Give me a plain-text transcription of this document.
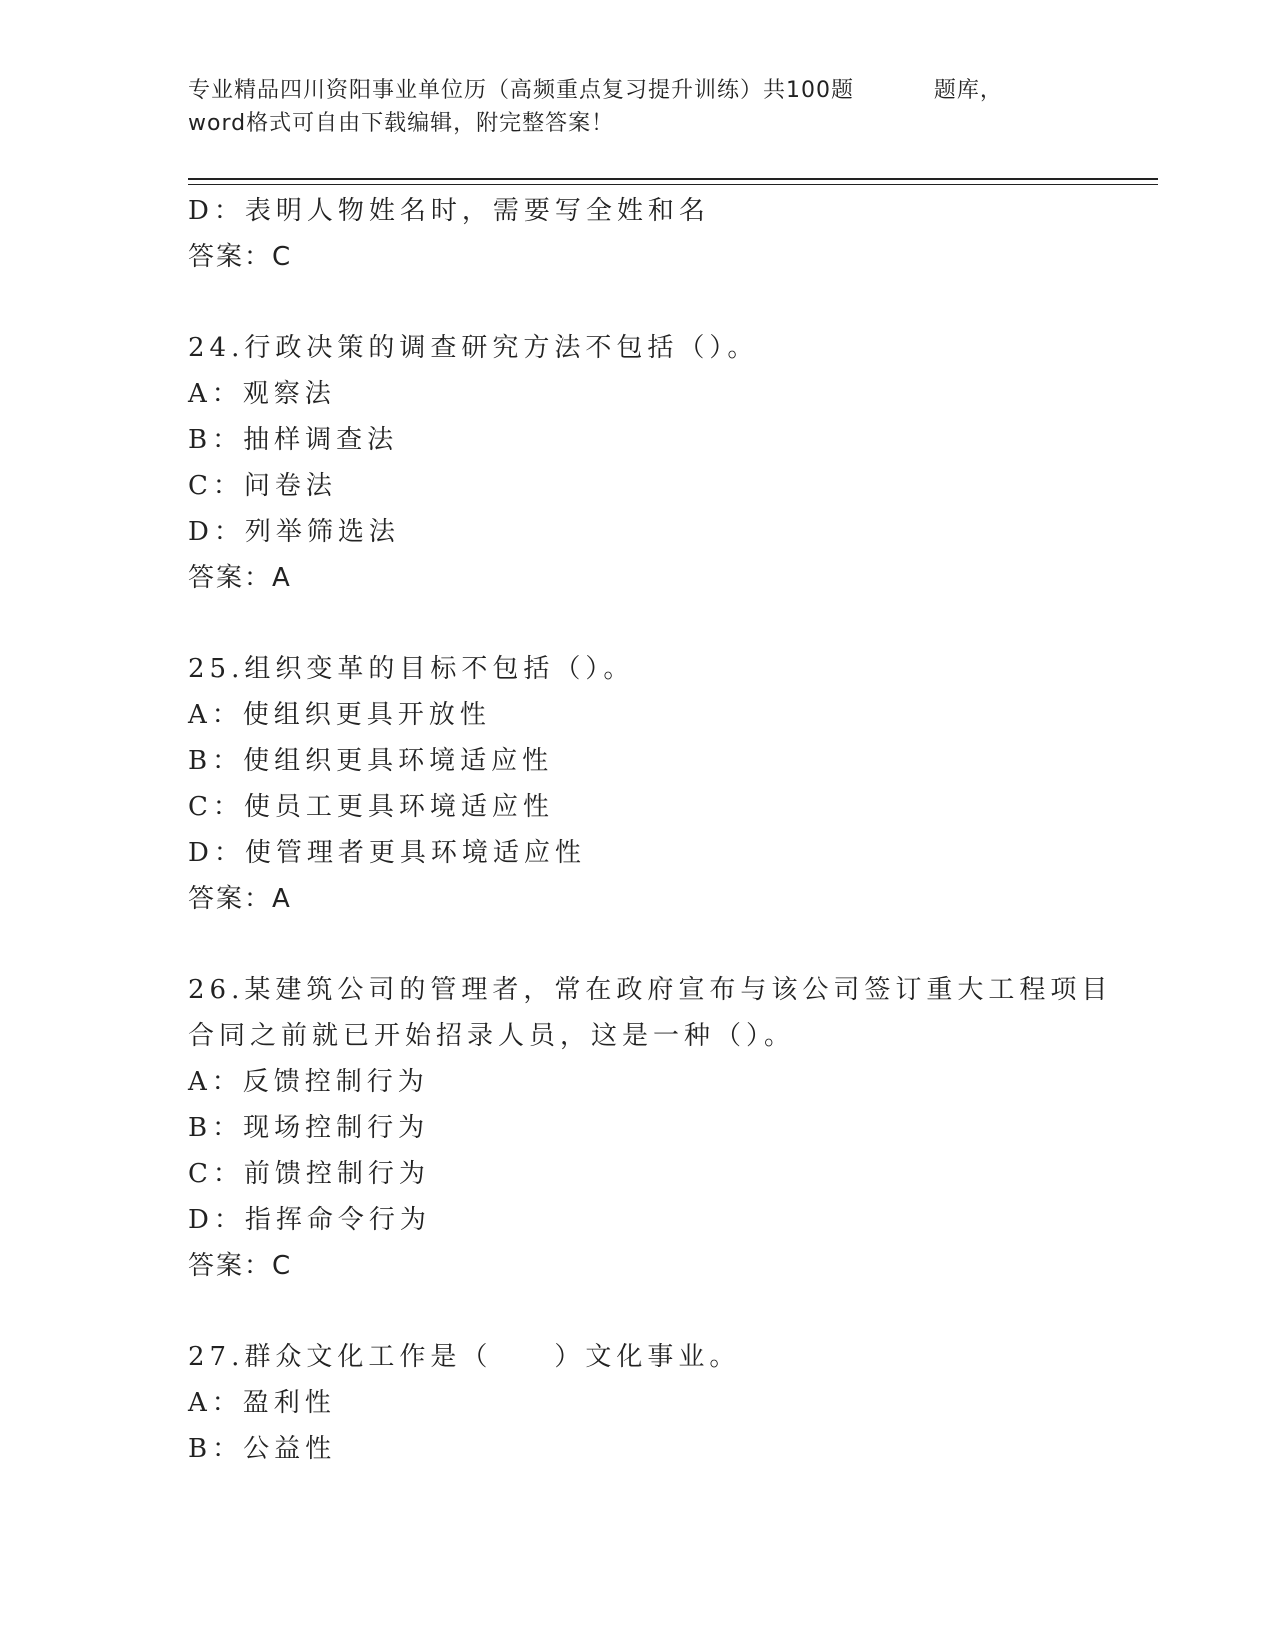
专业精品四川资阳事业单位历（高频重点复习提升训练）共100题          题库，
word格式可自由下载编辑，附完整答案！
D：表明人物姓名时，需要写全姓和名
答案：C
24.行政决策的调查研究方法不包括（）。
A：观察法
B：抽样调查法
C：问卷法
D：列举筛选法
答案：A
25.组织变革的目标不包括（）。
A：使组织更具开放性
B：使组织更具环境适应性
C：使员工更具环境适应性
D：使管理者更具环境适应性
答案：A
26.某建筑公司的管理者，常在政府宣布与该公司签订重大工程项目合同之前就已开始招录人员，这是一种（）。
A：反馈控制行为
B：现场控制行为
C：前馈控制行为
D：指挥命令行为
答案：C
27.群众文化工作是（　　）文化事业。
A：盈利性
B：公益性
